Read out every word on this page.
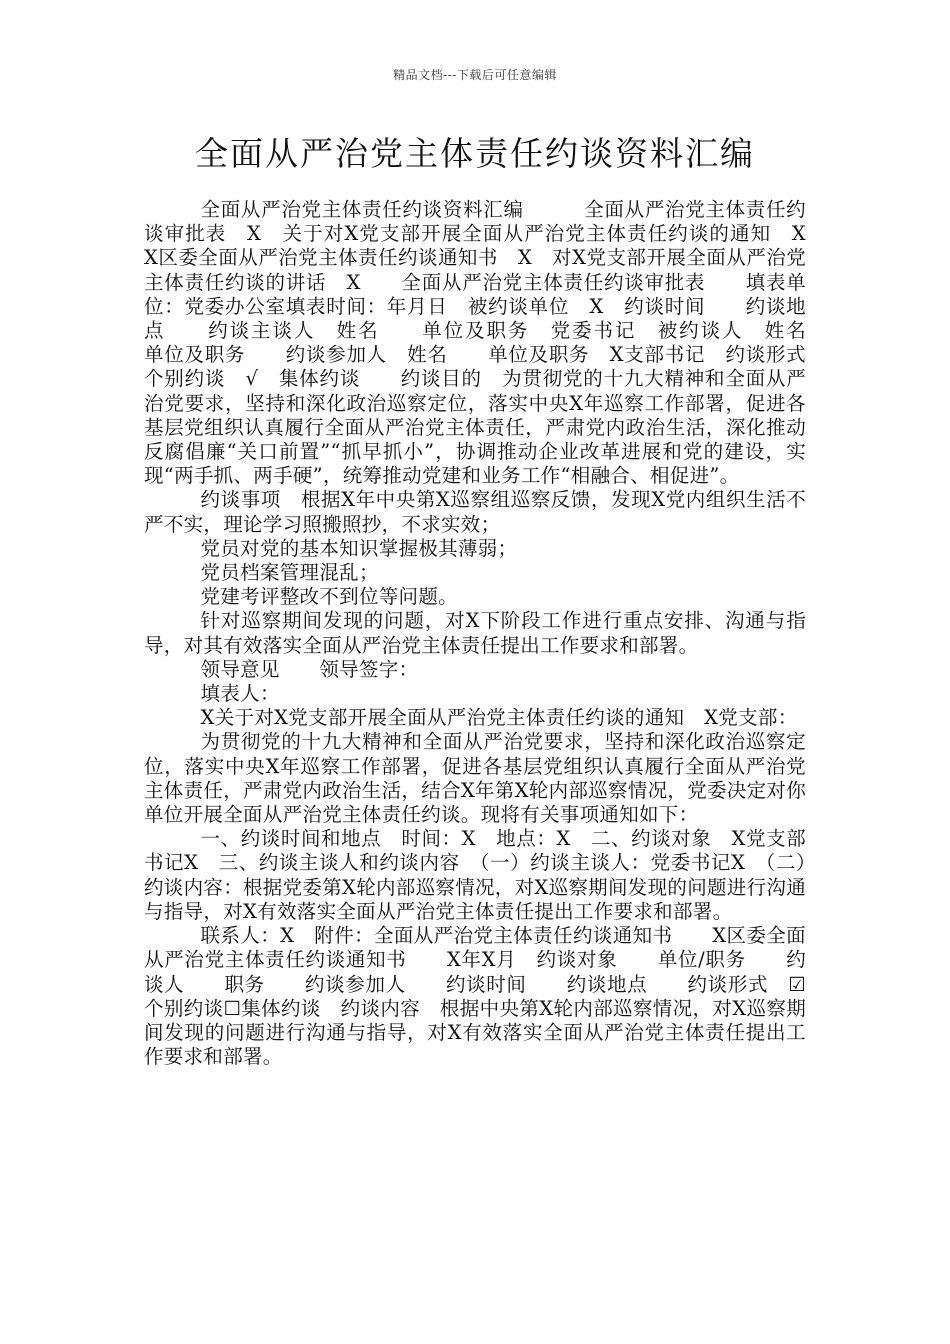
精品文档---下载后可任意编辑
全面从严治党主体责任约谈资料汇编

全面从严治党主体责任约谈资料汇编　　　全面从严治党主体责任约谈审批表　X　关于对X党支部开展全面从严治党主体责任约谈的通知　X　X区委全面从严治党主体责任约谈通知书　X　对X党支部开展全面从严治党主体责任约谈的讲话　X　　全面从严治党主体责任约谈审批表　　填表单位：党委办公室填表时间：年月日　被约谈单位　X　约谈时间　　约谈地点　　约谈主谈人　姓名　　单位及职务　党委书记　被约谈人　姓名　　单位及职务　　约谈参加人　姓名　　单位及职务　X支部书记　约谈形式　个别约谈　√　集体约谈　　约谈目的　为贯彻党的十九大精神和全面从严治党要求，坚持和深化政治巡察定位，落实中央X年巡察工作部署，促进各基层党组织认真履行全面从严治党主体责任，严肃党内政治生活，深化推动反腐倡廉“关口前置”“抓早抓小”，协调推动企业改革进展和党的建设，实现“两手抓、两手硬”，统筹推动党建和业务工作“相融合、相促进”。

约谈事项　根据X年中央第X巡察组巡察反馈，发现X党内组织生活不严不实，理论学习照搬照抄，不求实效；

党员对党的基本知识掌握极其薄弱；

党员档案管理混乱；

党建考评整改不到位等问题。

针对巡察期间发现的问题，对X下阶段工作进行重点安排、沟通与指导，对其有效落实全面从严治党主体责任提出工作要求和部署。

领导意见　　领导签字：

填表人：

X关于对X党支部开展全面从严治党主体责任约谈的通知　X党支部：

为贯彻党的十九大精神和全面从严治党要求，坚持和深化政治巡察定位，落实中央X年巡察工作部署，促进各基层党组织认真履行全面从严治党主体责任，严肃党内政治生活，结合X年第X轮内部巡察情况，党委决定对你单位开展全面从严治党主体责任约谈。现将有关事项通知如下：

一、约谈时间和地点　时间：X　地点：X　二、约谈对象　X党支部书记X　三、约谈主谈人和约谈内容　（一）约谈主谈人：党委书记X　（二）约谈内容：根据党委第X轮内部巡察情况，对X巡察期间发现的问题进行沟通与指导，对X有效落实全面从严治党主体责任提出工作要求和部署。

联系人：X　附件：全面从严治党主体责任约谈通知书　　X区委全面从严治党主体责任约谈通知书　　X年X月　约谈对象　　单位/职务　　约谈人　　职务　　约谈参加人　　约谈时间　　约谈地点　　约谈形式　☑个别约谈☐集体约谈　约谈内容　根据中央第X轮内部巡察情况，对X巡察期间发现的问题进行沟通与指导，对X有效落实全面从严治党主体责任提出工作要求和部署。
